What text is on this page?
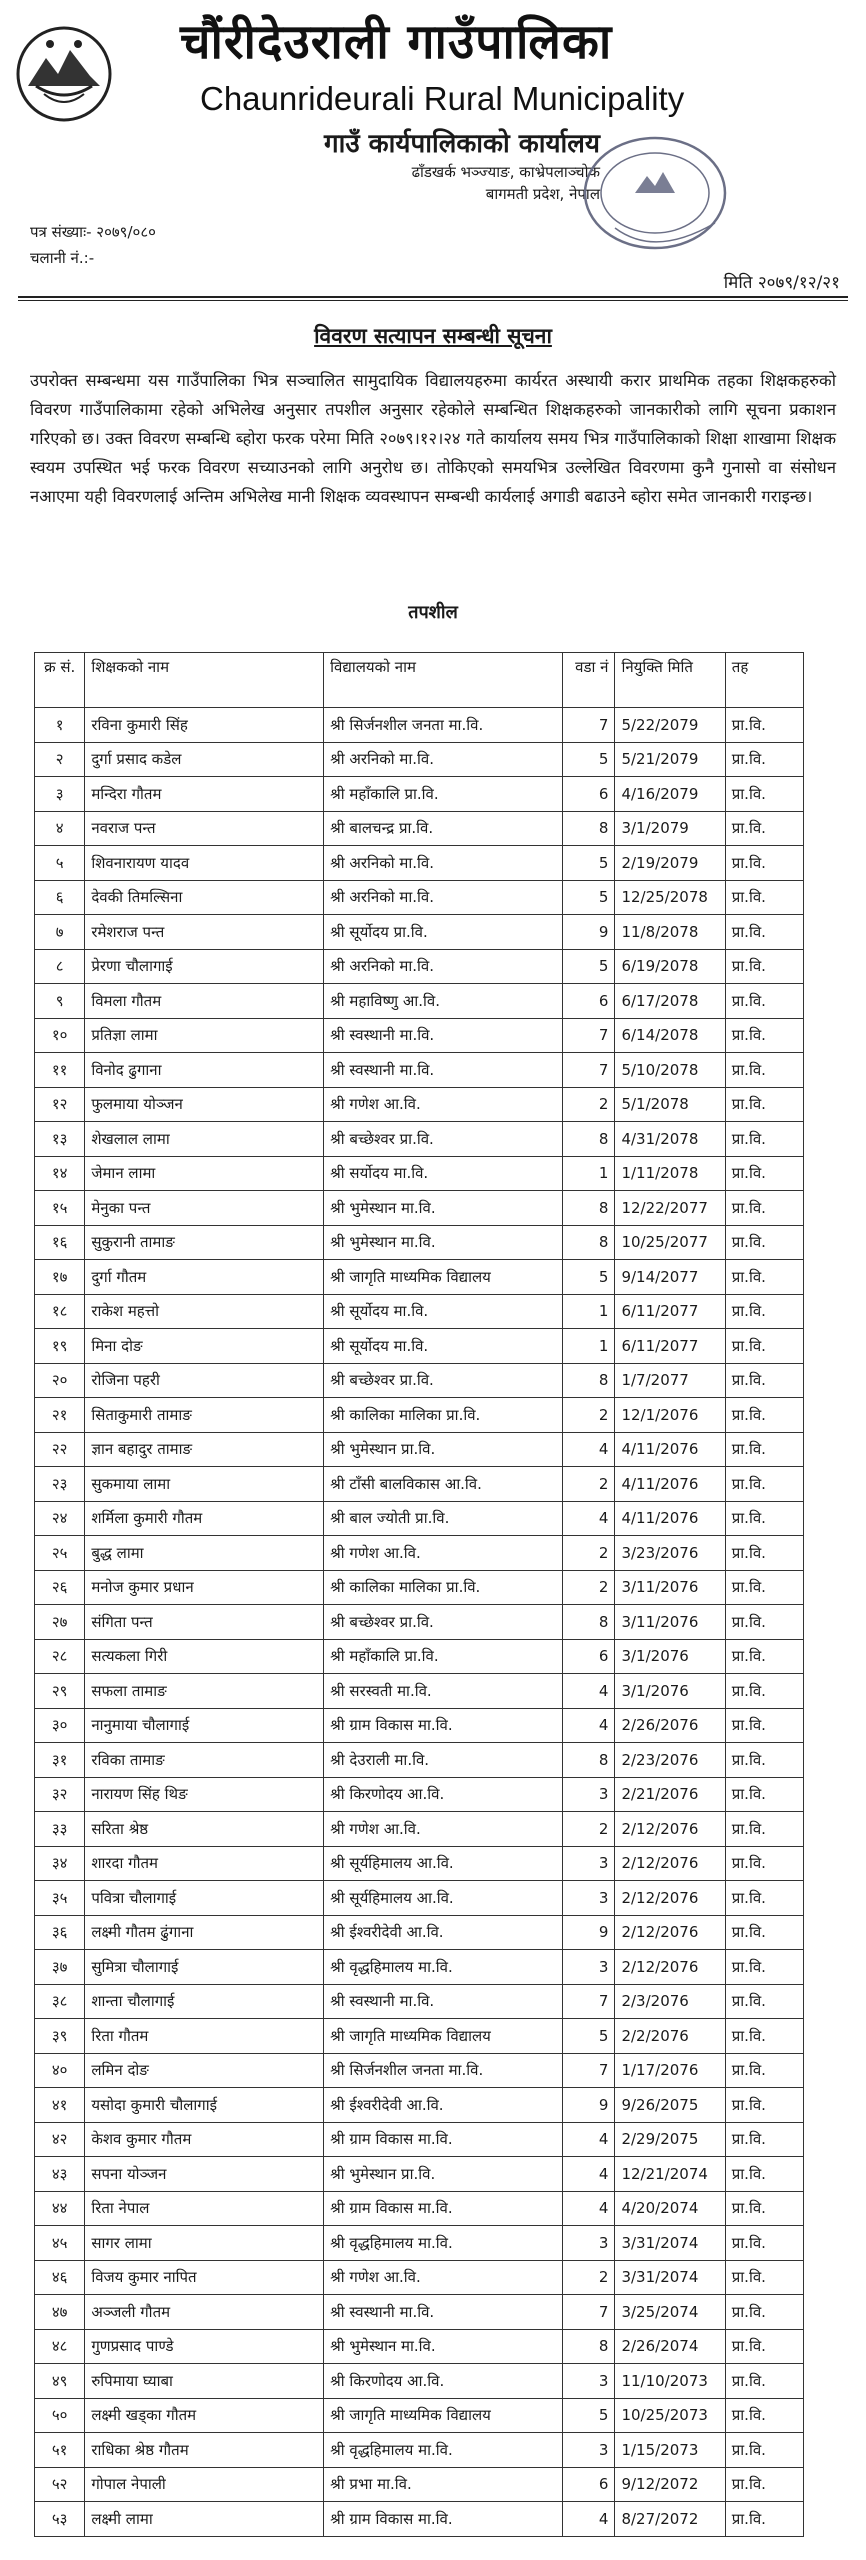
चौंरीदेउराली गाउँपालिका
Chaunrideurali Rural Municipality
गाउँ कार्यपालिकाको कार्यालय
ढाँडखर्क भञ्ज्याङ, काभ्रेपलाञ्चोक
बागमती प्रदेश, नेपाल
पत्र संख्याः- २०७९/०८०
चलानी नं.:-
मिति २०७९/१२/२१
विवरण सत्यापन सम्बन्धी सूचना
उपरोक्त सम्बन्धमा यस गाउँपालिका भित्र सञ्चालित सामुदायिक विद्यालयहरुमा कार्यरत अस्थायी करार प्राथमिक तहका शिक्षकहरुको विवरण गाउँपालिकामा रहेको अभिलेख अनुसार तपशील अनुसार रहेकोले सम्बन्धित शिक्षकहरुको जानकारीको लागि सूचना प्रकाशन गरिएको छ। उक्त विवरण सम्बन्धि ब्होरा फरक परेमा मिति २०७९।१२।२४ गते कार्यालय समय भित्र गाउँपालिकाको शिक्षा शाखामा शिक्षक स्वयम उपस्थित भई फरक विवरण सच्याउनको लागि अनुरोध छ। तोकिएको समयभित्र उल्लेखित विवरणमा कुनै गुनासो वा संसोधन नआएमा यही विवरणलाई अन्तिम अभिलेख मानी शिक्षक व्यवस्थापन सम्बन्धी कार्यलाई अगाडी बढाउने ब्होरा समेत जानकारी गराइन्छ।
तपशील
क्र सं.	शिक्षकको नाम	विद्यालयको नाम	वडा नं	नियुक्ति मिति	तह
१	रविना कुमारी सिंह	श्री सिर्जनशील जनता मा.वि.	7	5/22/2079	प्रा.वि.
२	दुर्गा प्रसाद कडेल	श्री अरनिको मा.वि.	5	5/21/2079	प्रा.वि.
३	मन्दिरा गौतम	श्री महाँकालि प्रा.वि.	6	4/16/2079	प्रा.वि.
४	नवराज पन्त	श्री बालचन्द्र प्रा.वि.	8	3/1/2079	प्रा.वि.
५	शिवनारायण यादव	श्री अरनिको मा.वि.	5	2/19/2079	प्रा.वि.
६	देवकी तिमल्सिना	श्री अरनिको मा.वि.	5	12/25/2078	प्रा.वि.
७	रमेशराज पन्त	श्री सूर्योदय प्रा.वि.	9	11/8/2078	प्रा.वि.
८	प्रेरणा चौलागाई	श्री अरनिको मा.वि.	5	6/19/2078	प्रा.वि.
९	विमला गौतम	श्री महाविष्णु आ.वि.	6	6/17/2078	प्रा.वि.
१०	प्रतिज्ञा लामा	श्री स्वस्थानी मा.वि.	7	6/14/2078	प्रा.वि.
११	विनोद ढुगाना	श्री स्वस्थानी मा.वि.	7	5/10/2078	प्रा.वि.
१२	फुलमाया योञ्जन	श्री गणेश आ.वि.	2	5/1/2078	प्रा.वि.
१३	शेखलाल लामा	श्री बच्छेश्वर प्रा.वि.	8	4/31/2078	प्रा.वि.
१४	जेमान लामा	श्री सर्योदय मा.वि.	1	1/11/2078	प्रा.वि.
१५	मेनुका पन्त	श्री भुमेस्थान मा.वि.	8	12/22/2077	प्रा.वि.
१६	सुकुरानी तामाङ	श्री भुमेस्थान मा.वि.	8	10/25/2077	प्रा.वि.
१७	दुर्गा गौतम	श्री जागृति माध्यमिक विद्यालय	5	9/14/2077	प्रा.वि.
१८	राकेश महत्तो	श्री सूर्योदय मा.वि.	1	6/11/2077	प्रा.वि.
१९	मिना दोङ	श्री सूर्योदय मा.वि.	1	6/11/2077	प्रा.वि.
२०	रोजिना पहरी	श्री बच्छेश्वर प्रा.वि.	8	1/7/2077	प्रा.वि.
२१	सिताकुमारी तामाङ	श्री कालिका मालिका प्रा.वि.	2	12/1/2076	प्रा.वि.
२२	ज्ञान बहादुर तामाङ	श्री भुमेस्थान प्रा.वि.	4	4/11/2076	प्रा.वि.
२३	सुकमाया लामा	श्री टाँसी बालविकास आ.वि.	2	4/11/2076	प्रा.वि.
२४	शर्मिला कुमारी गौतम	श्री बाल ज्योती प्रा.वि.	4	4/11/2076	प्रा.वि.
२५	बुद्ध लामा	श्री गणेश आ.वि.	2	3/23/2076	प्रा.वि.
२६	मनोज कुमार प्रधान	श्री कालिका मालिका प्रा.वि.	2	3/11/2076	प्रा.वि.
२७	संगिता पन्त	श्री बच्छेश्वर प्रा.वि.	8	3/11/2076	प्रा.वि.
२८	सत्यकला गिरी	श्री महाँकालि प्रा.वि.	6	3/1/2076	प्रा.वि.
२९	सफला तामाङ	श्री सरस्वती मा.वि.	4	3/1/2076	प्रा.वि.
३०	नानुमाया चौलागाई	श्री ग्राम विकास मा.वि.	4	2/26/2076	प्रा.वि.
३१	रविका तामाङ	श्री देउराली मा.वि.	8	2/23/2076	प्रा.वि.
३२	नारायण सिंह थिङ	श्री किरणोदय आ.वि.	3	2/21/2076	प्रा.वि.
३३	सरिता श्रेष्ठ	श्री गणेश आ.वि.	2	2/12/2076	प्रा.वि.
३४	शारदा गौतम	श्री सूर्यहिमालय आ.वि.	3	2/12/2076	प्रा.वि.
३५	पवित्रा चौलागाई	श्री सूर्यहिमालय आ.वि.	3	2/12/2076	प्रा.वि.
३६	लक्ष्मी गौतम ढुंगाना	श्री ईश्वरीदेवी आ.वि.	9	2/12/2076	प्रा.वि.
३७	सुमित्रा चौलागाई	श्री वृद्धहिमालय मा.वि.	3	2/12/2076	प्रा.वि.
३८	शान्ता चौलागाई	श्री स्वस्थानी मा.वि.	7	2/3/2076	प्रा.वि.
३९	रिता गौतम	श्री जागृति माध्यमिक विद्यालय	5	2/2/2076	प्रा.वि.
४०	लमिन दोङ	श्री सिर्जनशील जनता मा.वि.	7	1/17/2076	प्रा.वि.
४१	यसोदा कुमारी चौलागाई	श्री ईश्वरीदेवी आ.वि.	9	9/26/2075	प्रा.वि.
४२	केशव कुमार गौतम	श्री ग्राम विकास मा.वि.	4	2/29/2075	प्रा.वि.
४३	सपना योञ्जन	श्री भुमेस्थान प्रा.वि.	4	12/21/2074	प्रा.वि.
४४	रिता नेपाल	श्री ग्राम विकास मा.वि.	4	4/20/2074	प्रा.वि.
४५	सागर लामा	श्री वृद्धहिमालय मा.वि.	3	3/31/2074	प्रा.वि.
४६	विजय कुमार नापित	श्री गणेश आ.वि.	2	3/31/2074	प्रा.वि.
४७	अञ्जली गौतम	श्री स्वस्थानी मा.वि.	7	3/25/2074	प्रा.वि.
४८	गुणप्रसाद पाण्डे	श्री भुमेस्थान मा.वि.	8	2/26/2074	प्रा.वि.
४९	रुपिमाया घ्याबा	श्री किरणोदय आ.वि.	3	11/10/2073	प्रा.वि.
५०	लक्ष्मी खड्का गौतम	श्री जागृति माध्यमिक विद्यालय	5	10/25/2073	प्रा.वि.
५१	राधिका श्रेष्ठ गौतम	श्री वृद्धहिमालय मा.वि.	3	1/15/2073	प्रा.वि.
५२	गोपाल नेपाली	श्री प्रभा मा.वि.	6	9/12/2072	प्रा.वि.
५३	लक्ष्मी लामा	श्री ग्राम विकास मा.वि.	4	8/27/2072	प्रा.वि.
